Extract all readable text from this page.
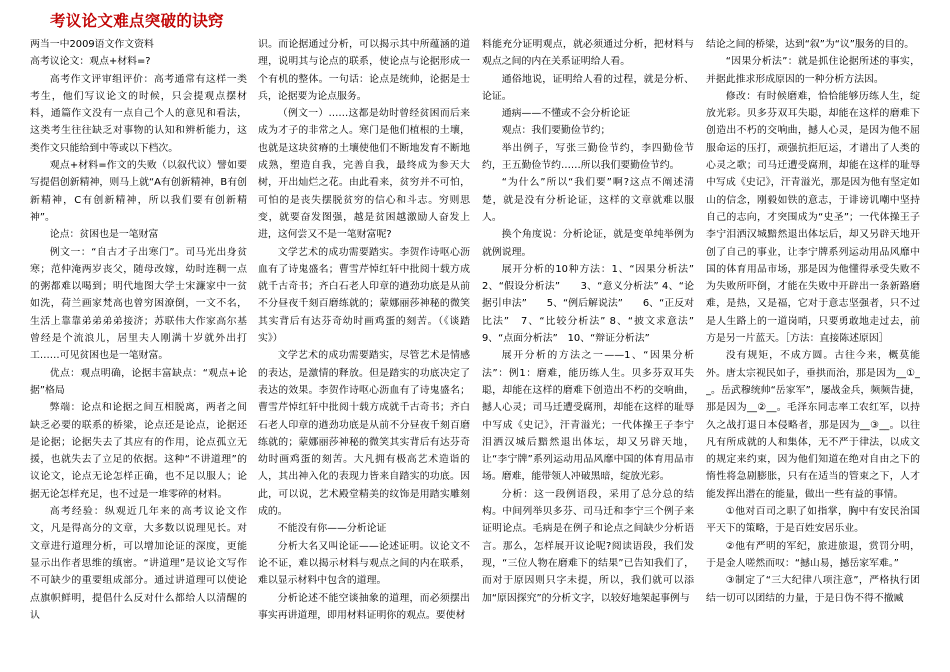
考议论文难点突破的诀窍

两当一中2009语文作文资料

高考议论文：观点+材料=?

高考作文评审组评价：高考通常有这样一类考生，他们写议论文的时候，只会提观点摆材料，通篇作文没有一点自己个人的意见和看法，这类考生往往缺乏对事物的认知和辨析能力，这类作文只能给到中等或以下档次。

观点+材料=作文的失败（以叙代议）譬如要写提倡创新精神，则马上就“A有创新精神，B有创新精神，C有创新精神，所以我们要有创新精神”。

论点：贫困也是一笔财富

例文一：“自古才子出寒门”。司马光出身贫寒；范仲淹两岁丧父，随母改嫁，幼时连稠一点的粥都难以喝到；明代地图大学士宋濂家中一贫如洗，荷兰画家梵高也曾穷困潦倒，一文不名，生活上靠靠弟弟弟弟接济；苏联伟大作家高尔基曾经是个流浪儿，居里夫人刚满十岁就外出打工……可见贫困也是一笔财富。

优点：观点明确，论据丰富缺点：“观点+论据”格局

弊端：论点和论据之间互相脱离，两者之间缺乏必要的联系的桥梁，论点还是论点，论据还是论据；论据失去了其应有的作用，论点孤立无援，也就失去了立足的依据。这种“不讲道理”的议论文，论点无论怎样正确，也不足以服人；论据无论怎样充足，也不过是一堆零碎的材料。

高考经验：纵观近几年来的高考议论文作文，凡是得高分的文章，大多数以说理见长。对文章进行道理分析，可以增加论证的深度，更能显示出作者思维的缜密。“讲道理”是议论文写作不可缺少的重要组成部分。通过讲道理可以使论点旗帜鲜明，提倡什么反对什么都给人以清醒的认

识。而论据通过分析，可以揭示其中所蕴涵的道理，说明其与论点的联系，使论点与论据形成一个有机的整体。一句话：论点是统帅，论据是士兵，论据要为论点服务。

（例文一）……这都是幼时曾经贫困而后来成为才子的非常之人。寒门是他们植根的土壤，也就是这块贫瘠的土壤使他们不断地发育不断地成熟，塑造自我，完善自我，最终成为参天大树，开出灿烂之花。由此看来，贫穷并不可怕，可怕的是丧失摆脱贫穷的信心和斗志。穷则思变，就要奋发图强，越是贫困越激励人奋发上进，这何尝又不是一笔财富呢?

文学艺术的成功需要踏实。李贺作诗呕心沥血有了诗鬼盛名；曹雪芹悼红轩中批阅十载方成就千古奇书；齐白石老人印章的遒劲功底是从前不分昼夜千刻百磨练就的；蒙娜丽莎神秘的微笑其实背后有达芬奇幼时画鸡蛋的刻苦。（《谈踏实》）

文学艺术的成功需要踏实，尽管艺术是情感的表达，是激情的释放。但是踏实的功底决定了表达的效果。李贺作诗呕心沥血有了诗鬼盛名；曹雪芹悼红轩中批阅十载方成就千古奇书；齐白石老人印章的遒劲功底是从前不分昼夜千刻百磨练就的；蒙娜丽莎神秘的微笑其实背后有达芬奇幼时画鸡蛋的刻苦。大凡拥有极高艺术造诣的人，其出神入化的表现力皆来自踏实的功底。因此，可以说，艺术殿堂精美的纹饰是用踏实雕刻成的。

不能没有你——分析论证

分析大名又叫论证——论述证明。议论文不论不证，难以揭示材料与观点之间的内在联系，难以显示材料中包含的道理。

分析论述不能空谈抽象的道理，而必须摆出事实再讲道理，即用材料证明你的观点。要使材

料能充分证明观点，就必须通过分析，把材料与观点之间的内在关系证明给人看。

通俗地说，证明给人看的过程，就是分析、论证。

通病——不懂或不会分析论证

观点：我们要勤俭节约；

举出例子，写张三勤俭节约，李四勤俭节约，王五勤俭节约……所以我们要勤俭节约。

“为什么”所以“我们要”啊?这点不阐述清楚，就是没有分析论证，这样的文章就难以服人。

换个角度说：分析论证，就是变单纯举例为就例说理。

展开分析的10种方法：1、“因果分析法” 2、“假设分析法”　　3、“意义分析法” 4、“论据引申法”　　5、“例后解说法”　　6、“正反对比法”　7、“比较分析法” 8、“披文求意法”　　9、“点面分析法”　10、“辩证分析法”

展开分析的方法之一——1、“因果分析法”：例1：磨难，能历练人生。贝多芬双耳失聪，却能在这样的磨难下创造出不朽的交响曲，撼人心灵；司马迁遭受腐刑，却能在这样的耻辱中写成《史记》，汗青溢光；一代体操王子李宁泪洒汉城后黯然退出体坛，却又另辟天地，让“李宁牌”系列运动用品风靡中国的体育用品市场。磨难，能带领人冲破黑暗，绽放光彩。

分析：这一段例语段，采用了总分总的结构。中间列举贝多芬、司马迁和李宁三个例子来证明论点。毛病是在例子和论点之间缺少分析语言。那么，怎样展开议论呢?阅读语段，我们发现，“三位人物在磨难下的结果”已告知我们了，而对于原因则只字未提，所以，我们就可以添加“原因探究”的分析文字，以较好地架起事例与

结论之间的桥梁，达到“叙”为“议”服务的目的。

“因果分析法”：就是抓住论据所述的事实，并据此推求形成原因的一种分析方法因。

修改：有时候磨难，恰恰能够历练人生，绽放光彩。贝多芬双耳失聪，却能在这样的磨难下创造出不朽的交响曲，撼人心灵，是因为他不屈服命运的压打，顽强抗拒厄运，才谱出了人类的心灵之歌；司马迁遭受腐刑，却能在这样的耻辱中写成《史记》，汗青溢光，那是因为他有坚定如山的信念，刚毅如铁的意志，于诽谤讥嘲中坚持自己的志向，才突围成为“史圣”；一代体操王子李宁泪洒汉城黯然退出体坛后，却又另辟天地开创了自己的事业，让李宁牌系列运动用品风靡中国的体育用品市场，那是因为他懂得承受失败不为失败所吓倒，才能在失败中开辟出一条新路磨难，是热，又是福，它对于意志坚强者，只不过是人生路上的一道岗哨，只要勇敢地走过去，前方是另一片蓝天。［方法：直接陈述原因］

没有规矩，不成方圆。古往今来，概莫能外。唐太宗视民如子，垂拱而治，那是因为__①__。岳武穆统帅“岳家军”，屡战金兵，频频告捷，那是因为__②__。毛泽东同志率工农红军，以持久之战打退日本侵略者，那是因为__③__。以往凡有所成就的人和集体，无不严于律法，以成文的规定来约束，因为他们知道在绝对自由之下的惰性将急剧膨胀，只有在适当的管束之下，人才能发挥出潜在的能量，做出一些有益的事情。

①他对百司之职了如指掌，胸中有安民治国平天下的策略，于是百姓安居乐业。

②他有严明的军纪，旅进旅退，赏罚分明，于是金人嗟然而叹：“撼山易，撼岳家军难。”

③制定了“三大纪律八项注意”，严格执行团结一切可以团结的力量，于是日伪不得不撤臧
